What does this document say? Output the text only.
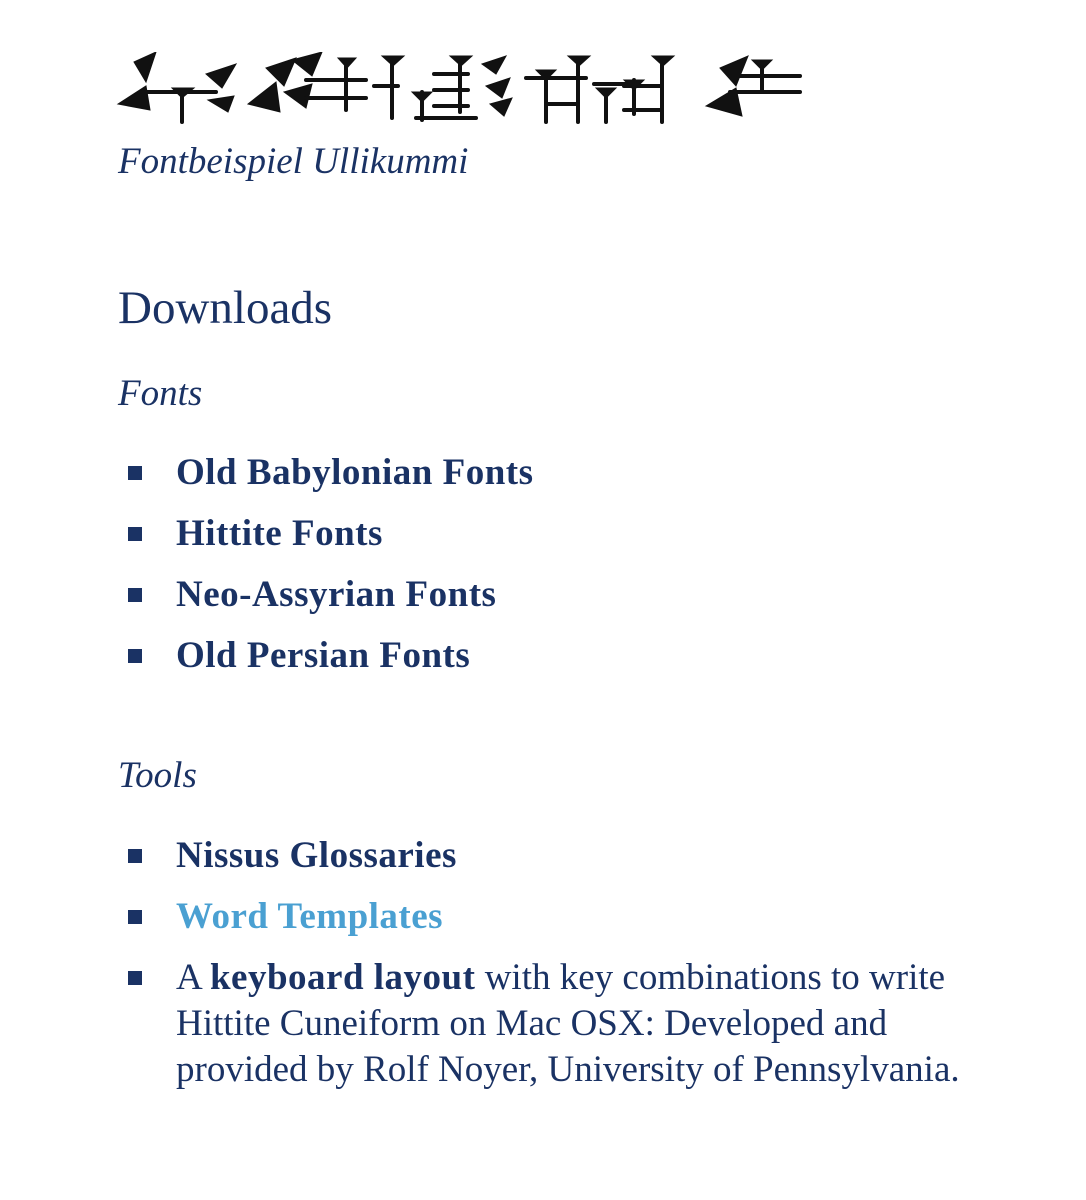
Fontbeispiel Ullikummi
Downloads
Fonts
Old Babylonian Fonts
Hittite Fonts
Neo-Assyrian Fonts
Old Persian Fonts
Tools
Nissus Glossaries
Word Templates
A keyboard layout with key combinations to write Hittite Cuneiform on Mac OSX: Developed and provided by Rolf Noyer, University of Pennsylvania.
